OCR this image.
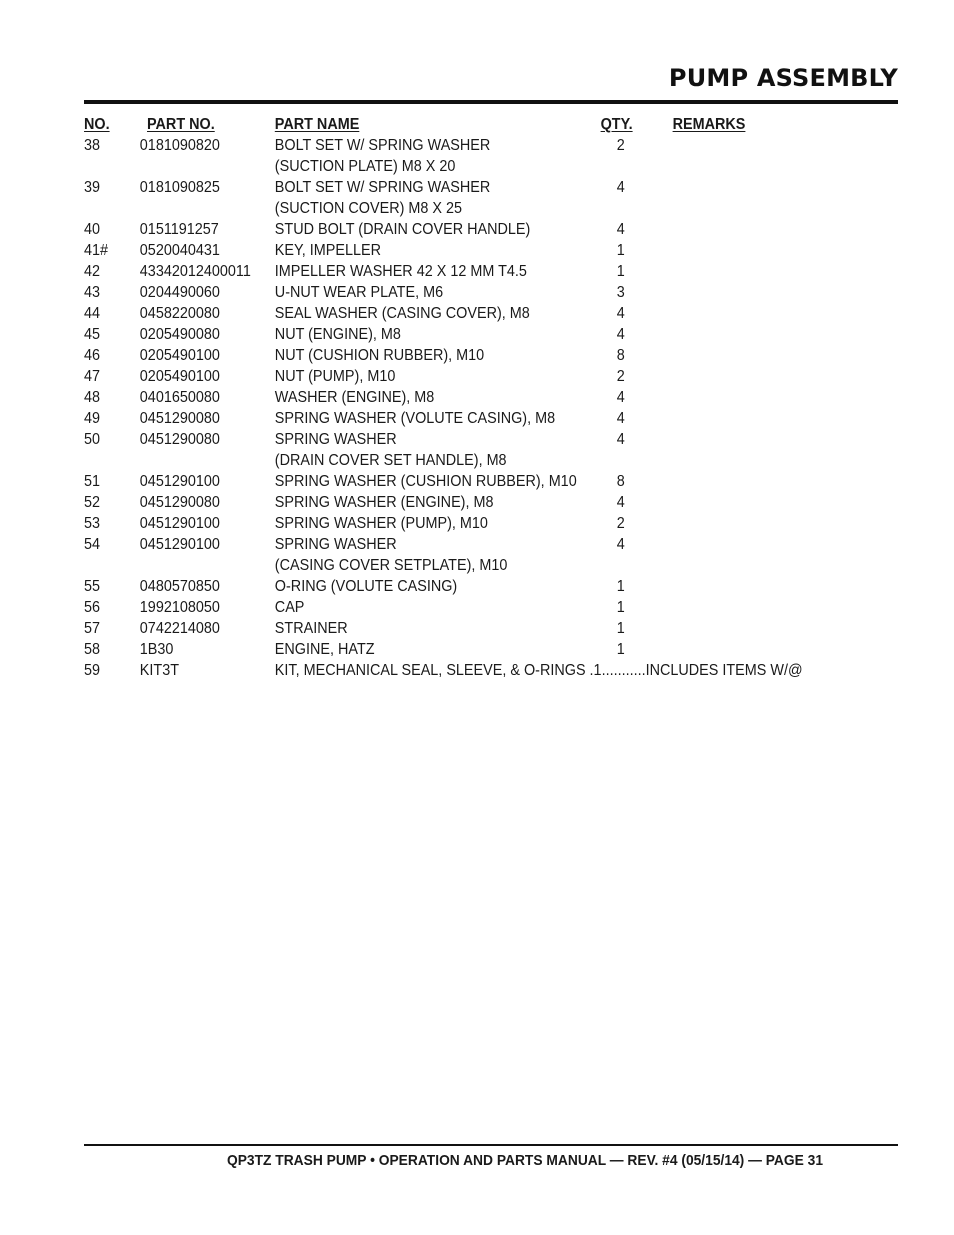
PUMP ASSEMBLY
NO. PART NO.	PART NAME	QTY. REMARKS
38 0181090820	BOLT SET W/ SPRING WASHER	2
(SUCTION PLATE) M8 X 20
39 0181090825	BOLT SET W/ SPRING WASHER	4
(SUCTION COVER) M8 X 25
40 0151191257	STUD BOLT (DRAIN COVER HANDLE)	4
41# 0520040431	KEY, IMPELLER	1
42 43342012400011 IMPELLER WASHER 42 X 12 MM T4.5	1
43 0204490060	U-NUT WEAR PLATE, M6	3
44 0458220080	SEAL WASHER (CASING COVER), M8	4
45 0205490080	NUT (ENGINE), M8	4
46 0205490100	NUT (CUSHION RUBBER), M10	8
47 0205490100	NUT (PUMP), M10	2
48 0401650080	WASHER (ENGINE), M8	4
49 0451290080	SPRING WASHER (VOLUTE CASING), M8	4
50 0451290080	SPRING WASHER	4
(DRAIN COVER SET HANDLE), M8
51 0451290100	SPRING WASHER (CUSHION RUBBER), M10	8
52 0451290080	SPRING WASHER (ENGINE), M8	4
53 0451290100	SPRING WASHER (PUMP), M10	2
54 0451290100	SPRING WASHER	4
(CASING COVER SETPLATE), M10
55 0480570850	O-RING (VOLUTE CASING)	1
56 1992108050	CAP	1
57 0742214080	STRAINER	1
58 1B30	ENGINE, HATZ	1
59 KIT3T	KIT, MECHANICAL SEAL, SLEEVE, & O-RINGS .1...........INCLUDES ITEMS W/@
QP3TZ TRASH PUMP • OPERATION AND PARTS MANUAL — REV. #4 (05/15/14) — PAGE 31
